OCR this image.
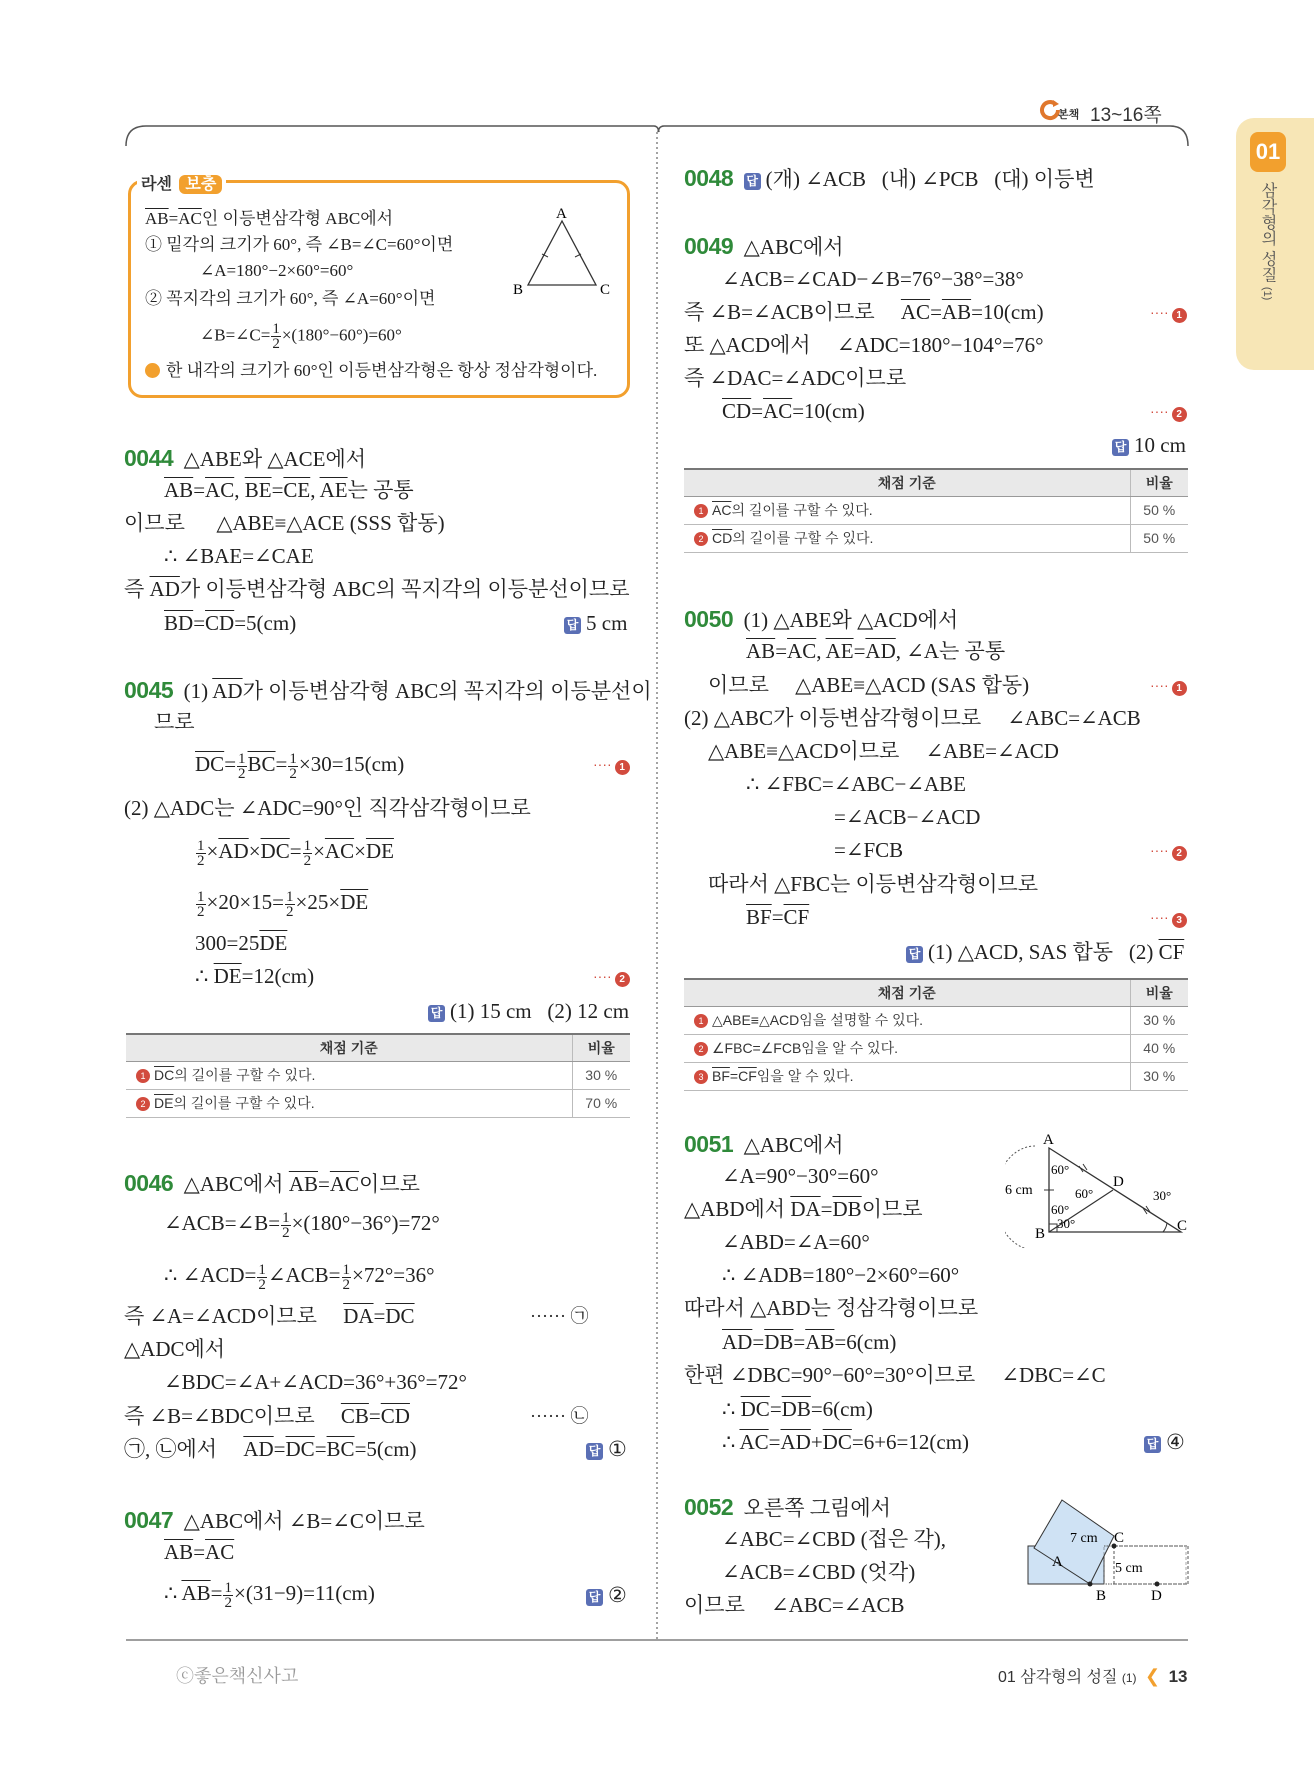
본책 13~16쪽
01
삼각형의 성질 (1)
라센 보충
$\overline{AB}=\overline{AC}$인 이등변삼각형 ABC에서
① 밑각의 크기가 60°, 즉 ∠B=∠C=60°이면
∠A=180°−2×60°=60°
② 꼭지각의 크기가 60°, 즉 ∠A=60°이면
∠B=∠C= $\frac{1}{2} \times(180^\circ-60^\circ)=60^\circ$
한 내각의 크기가 60°인 이등변삼각형은 항상 정삼각형이다.
A
B	C
0044 △ABE와 △ACE에서
$\overline{AB}=\overline{AC}$, $\overline{BE}=\overline{CE}$, $\overline{AE}$는 공통
이므로      △ABE≡△ACE (SSS 합동)
∴ ∠BAE=∠CAE
즉 $\overline{AD}$가 이등변삼각형 ABC의 꼭지각의 이등분선이므로
$\overline{BD}=\overline{CD}=5(cm)$	답 5 cm
0045 (1) $\overline{AD}$가 이등변삼각형 ABC의 꼭지각의 이등분선이
므로
$\overline{DC}= \frac{1}{2} \overline{BC}= \frac{1}{2} \times 30=15(cm)$	···· 1
(2) △ADC는 ∠ADC=90°인 직각삼각형이므로
$\frac{1}{2} \times\overline{AD}\times\overline{DC}= \frac{1}{2} \times\overline{AC}\times\overline{DE}$
$\frac{1}{2} \times 20\times 15= \frac{1}{2} \times 25\times\overline{DE}$
$300=25\overline{DE}$
∴ $\overline{DE}=12(cm)$	···· 2
답 (1) 15 cm   (2) 12 cm
채점 기준	비율
1 $\overline{DC}$의 길이를 구할 수 있다.	30 %
2 $\overline{DE}$의 길이를 구할 수 있다.	70 %
0046 △ABC에서 $\overline{AB}=\overline{AC}$이므로
∠ACB=∠B= $\frac{1}{2} \times(180^\circ-36^\circ)=72^\circ$
∴ ∠ACD= $\frac{1}{2}$ ∠ACB= $\frac{1}{2} \times 72^\circ=36^\circ$
즉 ∠A=∠ACD이므로     $\overline{DA}=\overline{DC}$	······ ㉠
△ADC에서
∠BDC=∠A+∠ACD=36°+36°=72°
즉 ∠B=∠BDC이므로     $\overline{CB}=\overline{CD}$	······ ㉡
㉠, ㉡에서     $\overline{AD}=\overline{DC}=\overline{BC}=5(cm)$	답 ①
0047 △ABC에서 ∠B=∠C이므로
$\overline{AB}=\overline{AC}$
∴ $\overline{AB}= \frac{1}{2} \times(31-9)=11(cm)$	답 ②
0048 답 (개) ∠ACB   (내) ∠PCB   (대) 이등변
0049 △ABC에서
∠ACB=∠CAD−∠B=76°−38°=38°
즉 ∠B=∠ACB이므로     $\overline{AC}=\overline{AB}=10(cm)$	···· 1
또 △ACD에서     ∠ADC=180°−104°=76°
즉 ∠DAC=∠ADC이므로
$\overline{CD}=\overline{AC}=10(cm)$	···· 2
답 10 cm
채점 기준	비율
1 $\overline{AC}$의 길이를 구할 수 있다.	50 %
2 $\overline{CD}$의 길이를 구할 수 있다.	50 %
0050 (1) △ABE와 △ACD에서
$\overline{AB}=\overline{AC}$, $\overline{AE}=\overline{AD}$, ∠A는 공통
이므로     △ABE≡△ACD (SAS 합동)	···· 1
(2) △ABC가 이등변삼각형이므로     ∠ABC=∠ACB
△ABE≡△ACD이므로     ∠ABE=∠ACD
∴ ∠FBC=∠ABC−∠ABE
=∠ACB−∠ACD
=∠FCB	···· 2
따라서 △FBC는 이등변삼각형이므로
$\overline{BF}=\overline{CF}$	···· 3
답 (1) △ACD, SAS 합동   (2) $\overline{CF}$
채점 기준	비율
1 △ABE≡△ACD임을 설명할 수 있다.	30 %
2 ∠FBC=∠FCB임을 알 수 있다.	40 %
3 $\overline{BF}=\overline{CF}$임을 알 수 있다.	30 %
0051 △ABC에서
∠A=90°−30°=60°
△ABD에서 $\overline{DA}=\overline{DB}$이므로
∠ABD=∠A=60°
∴ ∠ADB=180°−2×60°=60°
따라서 △ABD는 정삼각형이므로
$\overline{AD}=\overline{DB}=\overline{AB}=6(cm)$
한편 ∠DBC=90°−60°=30°이므로     ∠DBC=∠C
∴ $\overline{DC}=\overline{DB}=6(cm)$
∴ $\overline{AC}=\overline{AD}+\overline{DC}=6+6=12(cm)$	답 ④
A
B	C
D
6 cm
60°
60°
60°
30°
30°
0052 오른쪽 그림에서
∠ABC=∠CBD (접은 각),
∠ACB=∠CBD (엇각)
이므로     ∠ABC=∠ACB
A
B
C
D
7 cm
5 cm
ⓒ좋은책신사고	01 삼각형의 성질 (1) ❮ 13
